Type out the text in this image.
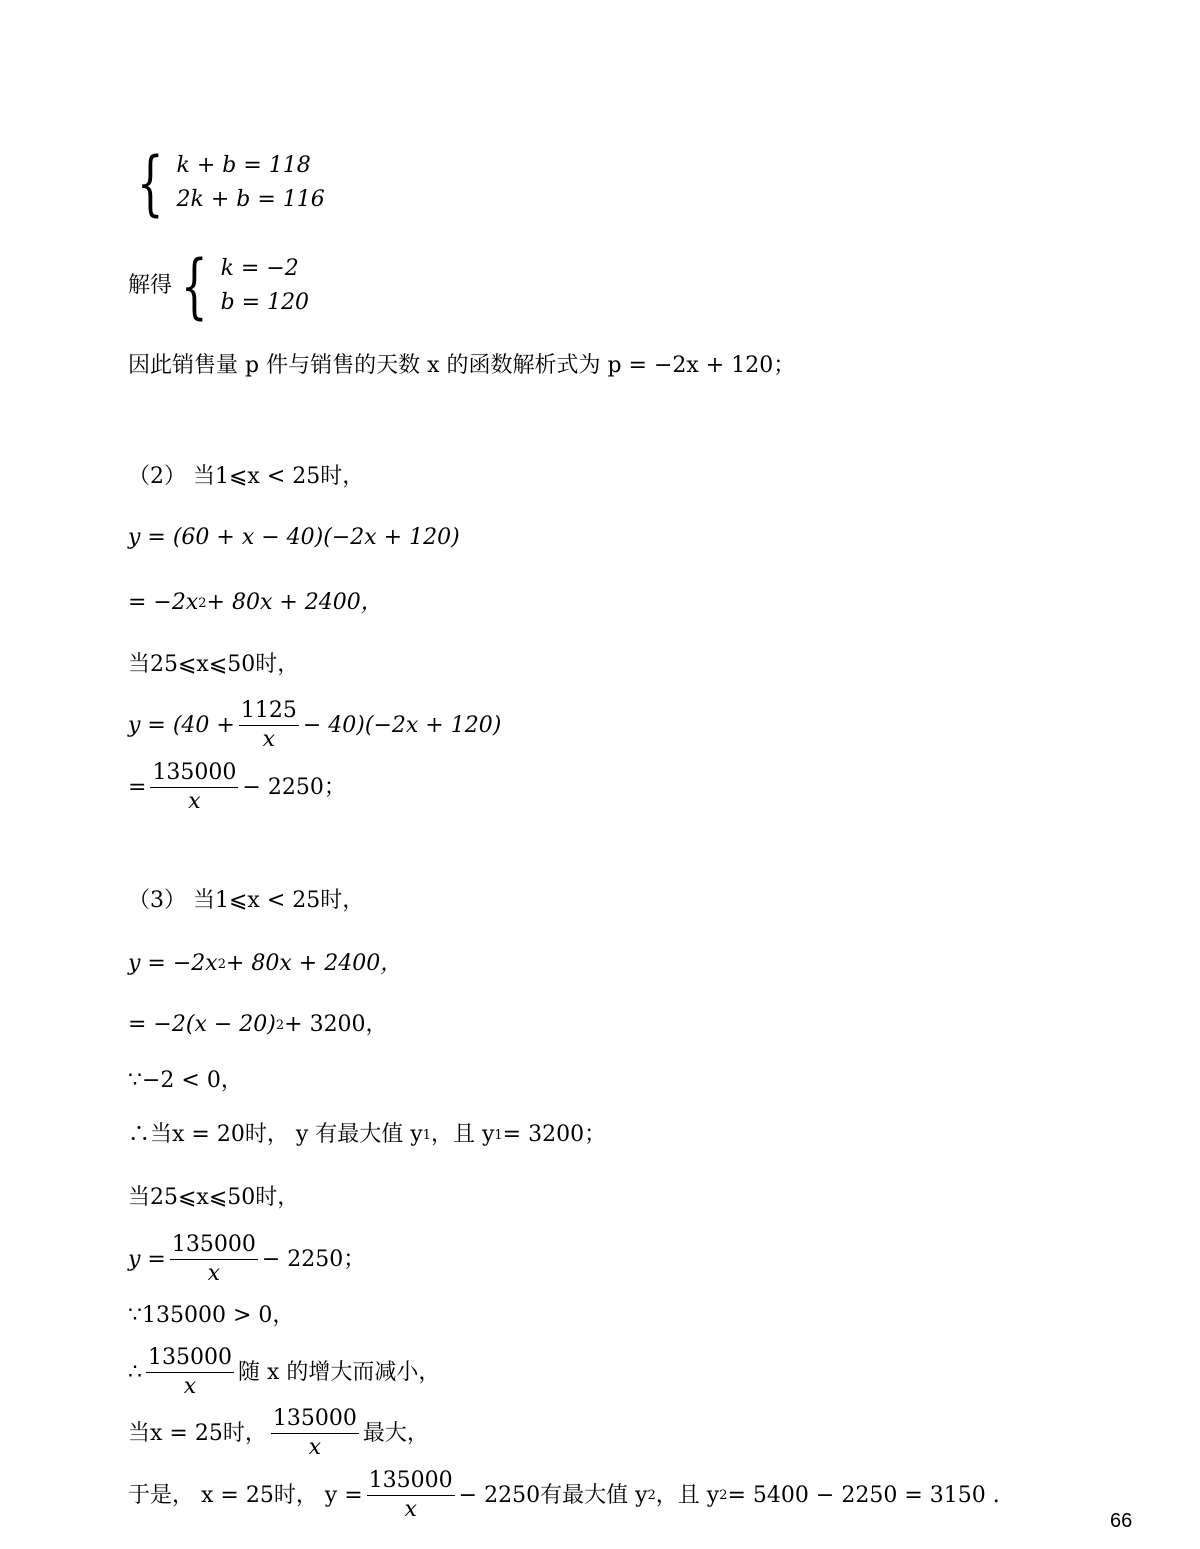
{ k + b = 118
2k + b = 116
解得 { k = −2
b = 120
因此销售量 p 件与销售的天数 x 的函数解析式为 p = −2x + 120；
（2） 当1⩽x < 25时，
y = (60 + x − 40)(−2x + 120)
= −2x 2 + 80x + 2400，
当25⩽x⩽50时，
$y = (40 + \frac{1125}{x} - 40)(-2x + 120)$
= $\frac{135000}{x} - 2250$；
（3） 当1⩽x < 25时，
y = −2x 2 + 80x + 2400，
= −2(x − 20) 2 + 3200，
∵−2 < 0，
∴当x = 20时， y 有最大值 y 1 ，且 y 1 = 3200；
当25⩽x⩽50时，
$y = \frac{135000}{x} - 2250$；
∵135000 > 0，
∴ $\frac{135000}{x}$ 随 x 的增大而减小，
当x = 25时， $\frac{135000}{x}$ 最大，
于是， x = 25时， $y = \frac{135000}{x} - 2250$有最大值 y 2 ，且 y 2 = 5400 − 2250 = 3150 .
66
